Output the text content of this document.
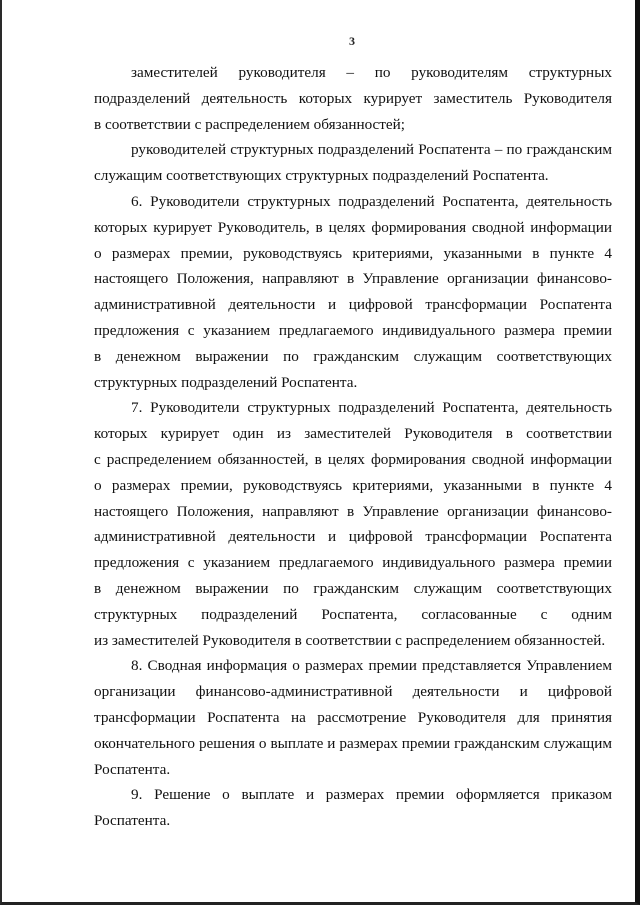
3

заместителей руководителя – по руководителям структурных
подразделений деятельность которых курирует заместитель Руководителя
в соответствии с распределением обязанностей;

руководителей структурных подразделений Роспатента – по гражданским
служащим соответствующих структурных подразделений Роспатента.

6. Руководители структурных подразделений Роспатента, деятельность
которых курирует Руководитель, в целях формирования сводной информации
о размерах премии, руководствуясь критериями, указанными в пункте 4
настоящего Положения, направляют в Управление организации финансово-
административной деятельности и цифровой трансформации Роспатента
предложения с указанием предлагаемого индивидуального размера премии
в денежном выражении по гражданским служащим соответствующих
структурных подразделений Роспатента.

7. Руководители структурных подразделений Роспатента, деятельность
которых курирует один из заместителей Руководителя в соответствии
с распределением обязанностей, в целях формирования сводной информации
о размерах премии, руководствуясь критериями, указанными в пункте 4
настоящего Положения, направляют в Управление организации финансово-
административной деятельности и цифровой трансформации Роспатента
предложения с указанием предлагаемого индивидуального размера премии
в денежном выражении по гражданским служащим соответствующих
структурных подразделений Роспатента, согласованные с одним
из заместителей Руководителя в соответствии с распределением обязанностей.

8. Сводная информация о размерах премии представляется Управлением
организации финансово-административной деятельности и цифровой
трансформации Роспатента на рассмотрение Руководителя для принятия
окончательного решения о выплате и размерах премии гражданским служащим
Роспатента.

9. Решение о выплате и размерах премии оформляется приказом
Роспатента.
